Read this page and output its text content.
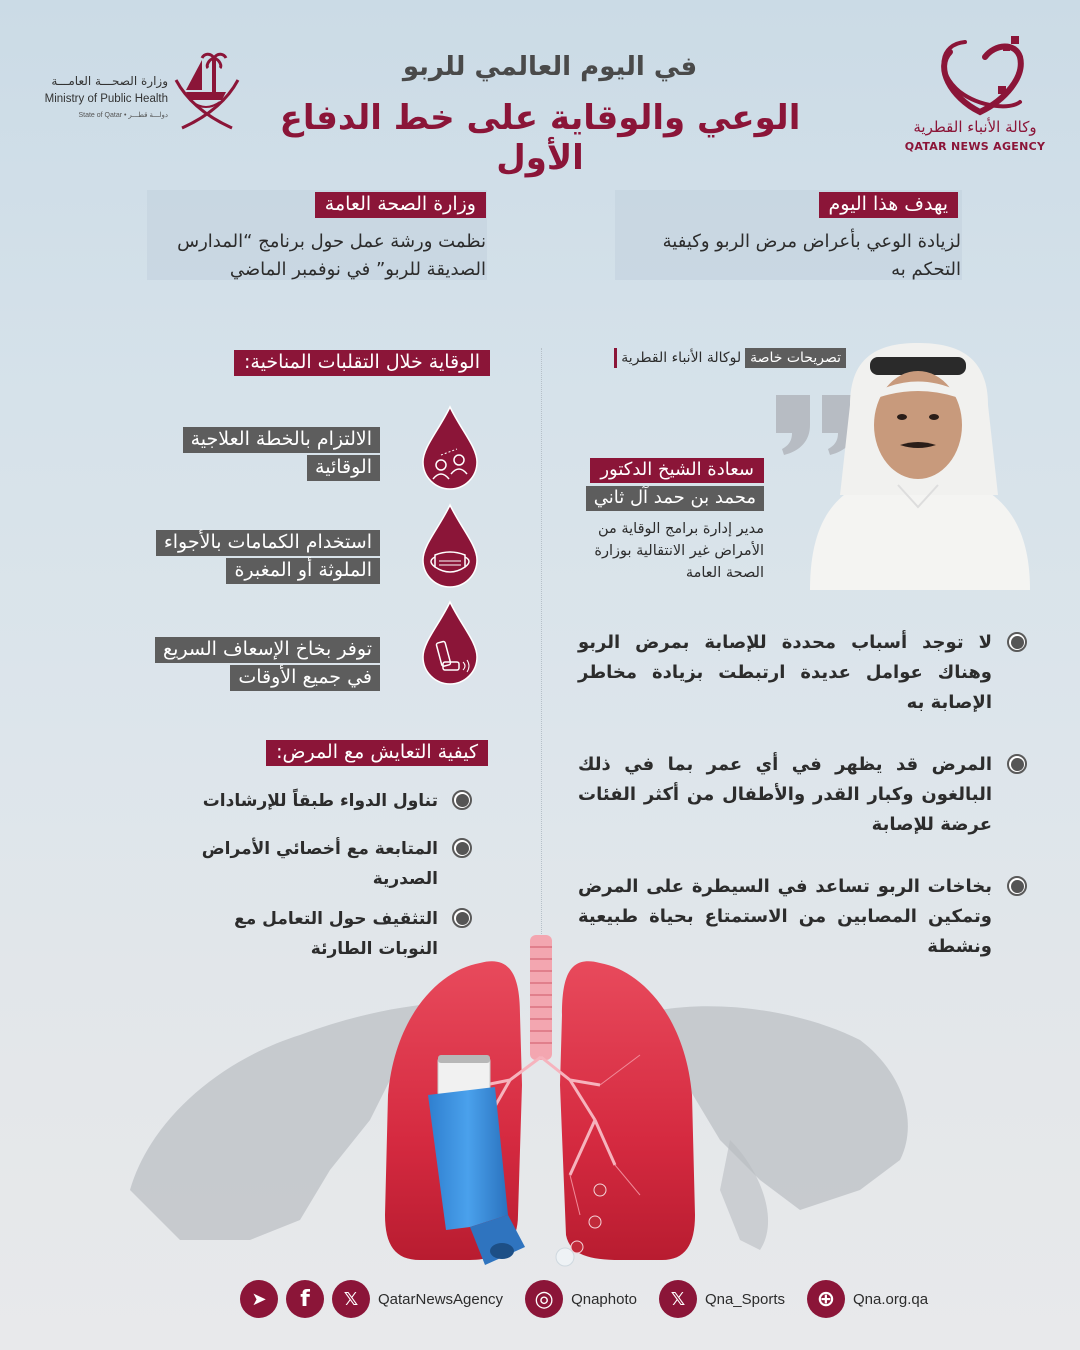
في اليوم العالمي للربو
الوعي والوقاية على خط الدفاع الأول
وكالة الأنباء القطرية
QATAR NEWS AGENCY
وزارة الصحـــة العامـــة
Ministry of Public Health
State of Qatar • دولـــة قطـــر
يهدف هذا اليوم
لزيادة الوعي بأعراض مرض الربو وكيفية التحكم به
وزارة الصحة العامة
نظمت ورشة عمل حول برنامج “المدارس الصديقة للربو” في نوفمبر الماضي
تصريحات خاصة
لوكالة الأنباء القطرية
سعادة الشيخ الدكتور
محمد بن حمد آل ثاني
مدير إدارة برامج الوقاية من الأمراض غير الانتقالية بوزارة الصحة العامة
لا توجد أسباب محددة للإصابة بمرض الربو وهناك عوامل عديدة ارتبطت بزيادة مخاطر الإصابة به
المرض قد يظهر في أي عمر بما في ذلك البالغون وكبار القدر والأطفال من أكثر الفئات عرضة للإصابة
بخاخات الربو تساعد في السيطرة على المرض وتمكين المصابين من الاستمتاع بحياة طبيعية ونشطة
الوقاية خلال التقلبات المناخية:
الالتزام بالخطة العلاجية
الوقائية
استخدام الكمامات بالأجواء
الملوثة أو المغبرة
توفر بخاخ الإسعاف السريع
في جميع الأوقات
كيفية التعايش مع المرض:
تناول الدواء طبقاً للإرشادات
المتابعة مع أخصائي الأمراض الصدرية
التثقيف حول التعامل مع النوبات الطارئة
➤	f	𝕏	QatarNewsAgency	◎	Qnaphoto	𝕏	Qna_Sports	⊕	Qna.org.qa
